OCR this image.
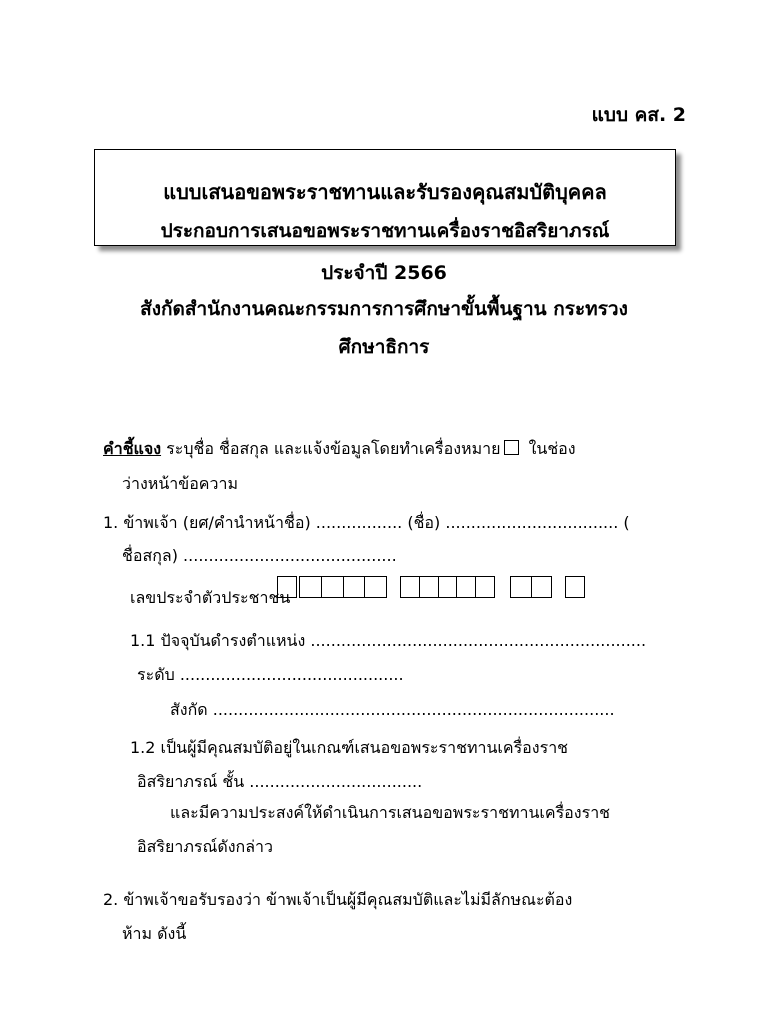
แบบ คส. 2
แบบเสนอขอพระราชทานและรับรองคุณสมบัติบุคคล
ประกอบการเสนอขอพระราชทานเครื่องราชอิสริยาภรณ์
ประจำปี 2566
สังกัดสำนักงานคณะกรรมการการศึกษาขั้นพื้นฐาน กระทรวง
ศึกษาธิการ
คำชี้แจง ระบุชื่อ ชื่อสกุล และแจ้งข้อมูลโดยทำเครื่องหมาย ในช่อง
ว่างหน้าข้อความ
1. ข้าพเจ้า (ยศ/คำนำหน้าชื่อ) ................. (ชื่อ) .................................. (
ชื่อสกุล) ..........................................
เลขประจำตัวประชาชน
1.1 ปัจจุบันดำรงตำแหน่ง ..................................................................
ระดับ ............................................
สังกัด ...............................................................................
1.2 เป็นผู้มีคุณสมบัติอยู่ในเกณฑ์เสนอขอพระราชทานเครื่องราช
อิสริยาภรณ์ ชั้น ..................................
และมีความประสงค์ให้ดำเนินการเสนอขอพระราชทานเครื่องราช
อิสริยาภรณ์ดังกล่าว
2. ข้าพเจ้าขอรับรองว่า ข้าพเจ้าเป็นผู้มีคุณสมบัติและไม่มีลักษณะต้อง
ห้าม ดังนี้
